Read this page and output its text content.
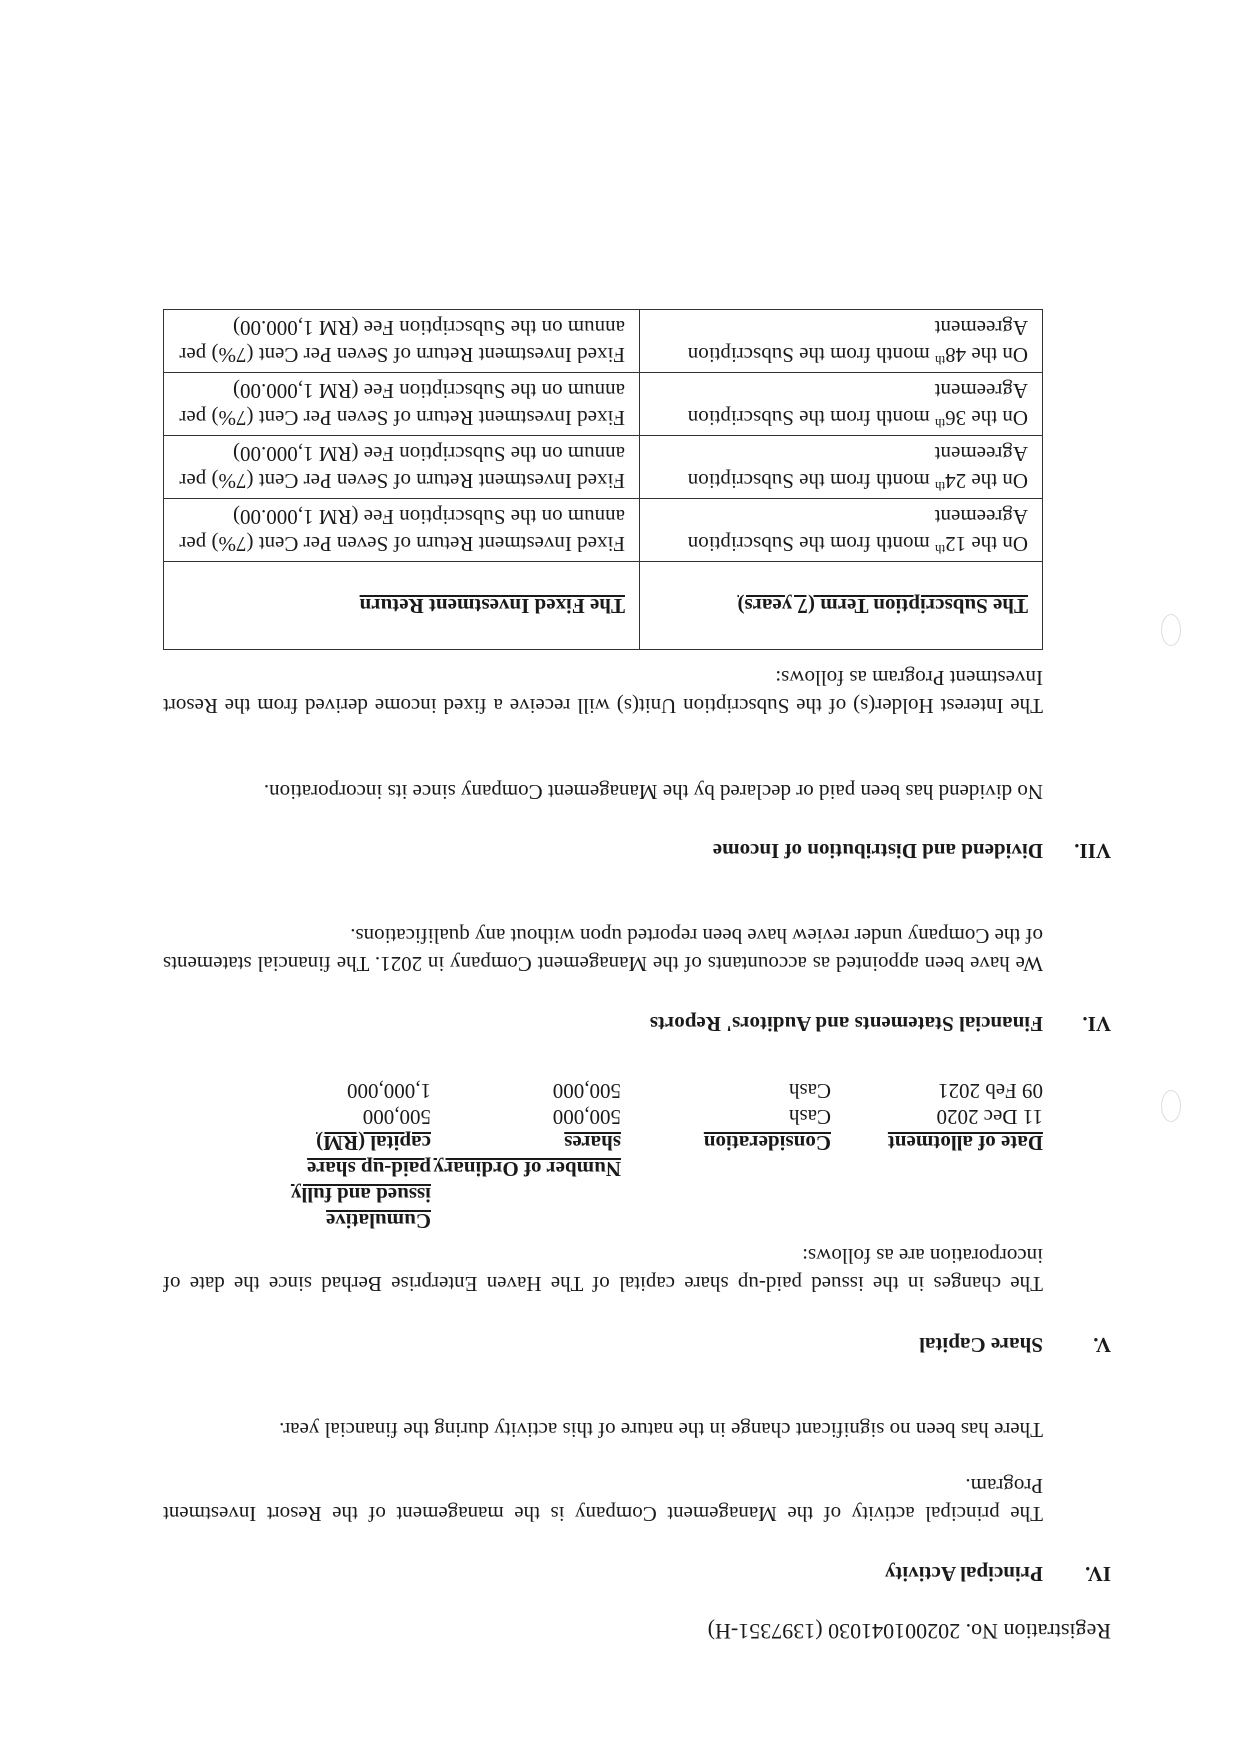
Registration No. 202001041030 (1397351-H)
IV.Principal Activity
The principal activity of the Management Company is the management of the Resort Investment Program.
There has been no significant change in the nature of this activity during the financial year.
V.Share Capital
The changes in the issued paid-up share capital of The Haven Enterprise Berhad since the date of incorporation are as follows:
Date of allotment	Consideration	Number of Ordinary shares	Cumulative issued and fully paid-up share capital (RM)
11 Dec 2020	Cash	500,000	500,000
09 Feb 2021	Cash	500,000	1,000,000
VI.Financial Statements and Auditors' Reports
We have been appointed as accountants of the Management Company in 2021. The financial statements of the Company under review have been reported upon without any qualifications.
VII.Dividend and Distribution of Income
No dividend has been paid or declared by the Management Company since its incorporation.
The Interest Holder(s) of the Subscription Unit(s) will receive a fixed income derived from the Resort Investment Program as follows:
The Subscription Term (7 years)	The Fixed Investment Return
On the 12th month from the Subscription Agreement	Fixed Investment Return of Seven Per Cent (7%) per annum on the Subscription Fee (RM 1,000.00)
On the 24th month from the Subscription Agreement	Fixed Investment Return of Seven Per Cent (7%) per annum on the Subscription Fee (RM 1,000.00)
On the 36th month from the Subscription Agreement	Fixed Investment Return of Seven Per Cent (7%) per annum on the Subscription Fee (RM 1,000.00)
On the 48th month from the Subscription Agreement	Fixed Investment Return of Seven Per Cent (7%) per annum on the Subscription Fee (RM 1,000.00)
